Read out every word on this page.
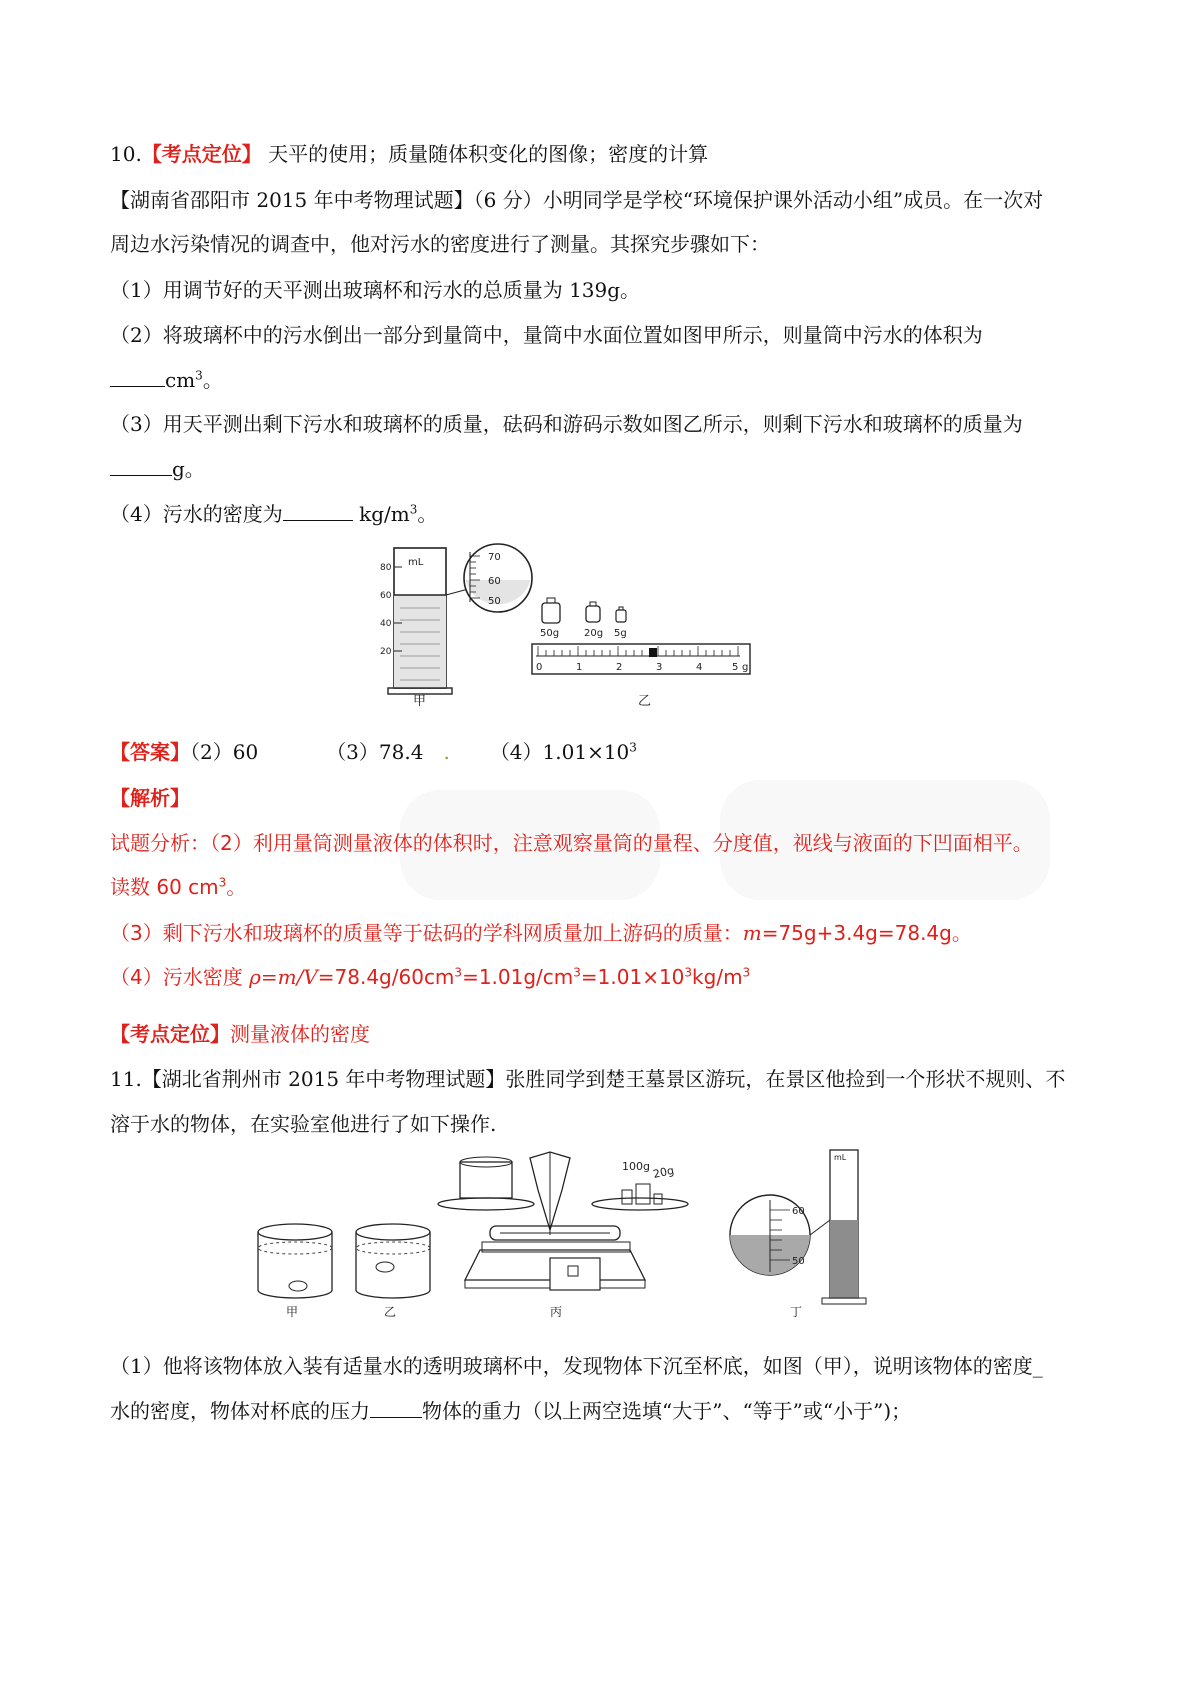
10.【考点定位】 天平的使用；质量随体积变化的图像；密度的计算
【湖南省邵阳市 2015 年中考物理试题】（6 分）小明同学是学校“环境保护课外活动小组”成员。在一次对
周边水污染情况的调查中，他对污水的密度进行了测量。其探究步骤如下：
（1）用调节好的天平测出玻璃杯和污水的总质量为 139g。
（2）将玻璃杯中的污水倒出一部分到量筒中，量筒中水面位置如图甲所示，则量筒中污水的体积为
$cm^3$。
（3）用天平测出剩下污水和玻璃杯的质量，砝码和游码示数如图乙所示，则剩下污水和玻璃杯的质量为
g。
（4）污水的密度为	$kg/m^3$。
mL
80
60
40
20
70
60
50
50g 20g 5g
0	1	2	3	4	5 g
甲	乙
【答案】（2）60	（3）78.4 . $(4)1.01\times 10^3$
【解析】
试题分析：（2）利用量筒测量液体的体积时，注意观察量筒的量程、分度值，视线与液面的下凹面相平。
读数 60 $cm^3$。
（3）剩下污水和玻璃杯的质量等于砝码的学科网质量加上游码的质量：m=75g+3.4g=78.4g。
（4）污水密度 $\rho=m/V=78.4g/60cm^3=1.01g/cm^3=1.01\times 10^3kg/m^3$
【考点定位】测量液体的密度
11.【湖北省荆州市 2015 年中考物理试题】张胜同学到楚王墓景区游玩，在景区他捡到一个形状不规则、不
溶于水的物体，在实验室他进行了如下操作.
100g 20g
60
50
mL
甲	乙	丙	丁
（1）他将该物体放入装有适量水的透明玻璃杯中，发现物体下沉至杯底，如图（甲），说明该物体的密度_
水的密度，物体对杯底的压力	物体的重力（以上两空选填“大于”、“等于”或“小于”)；
